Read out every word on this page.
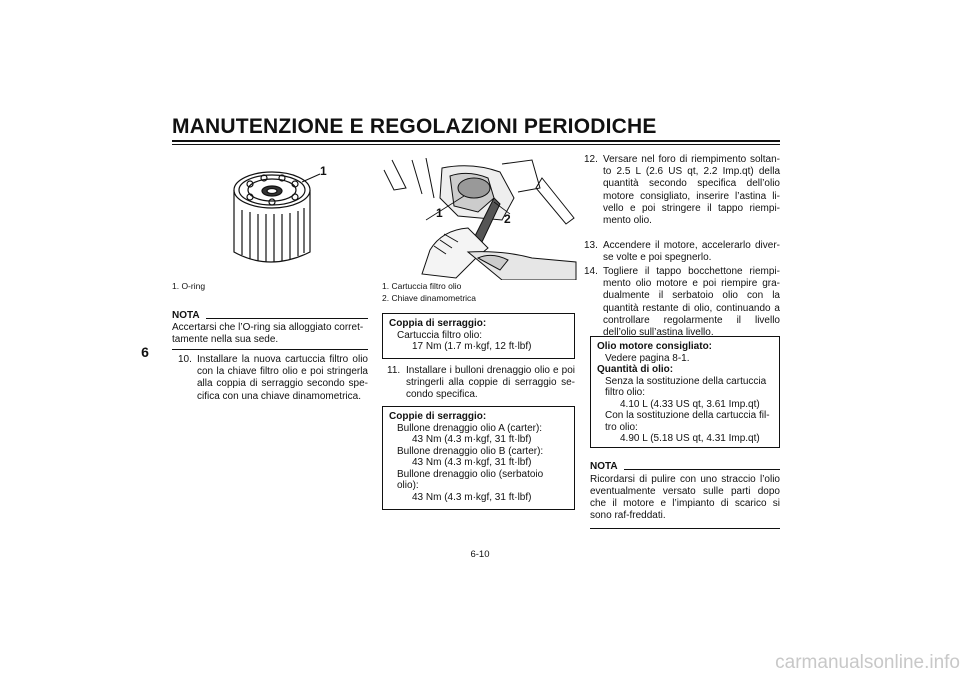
MANUTENZIONE E REGOLAZIONI PERIODICHE
6
1
1. O-ring
NOTA
Accertarsi che l’O-ring sia alloggiato corret-
tamente nella sua sede.
10. Installare la nuova cartuccia filtro olio con la chiave filtro olio e poi stringerla alla coppia di serraggio secondo spe-cifica con una chiave dinamometrica.
1	2
1. Cartuccia filtro olio
2. Chiave dinamometrica
Coppia di serraggio:
Cartuccia filtro olio:
17 Nm (1.7 m·kgf, 12 ft·lbf)
11. Installare i bulloni drenaggio olio e poi stringerli alla coppie di serraggio se-condo specifica.
Coppie di serraggio:
Bullone drenaggio olio A (carter):
43 Nm (4.3 m·kgf, 31 ft·lbf)
Bullone drenaggio olio B (carter):
43 Nm (4.3 m·kgf, 31 ft·lbf)
Bullone drenaggio olio (serbatoio
olio):
43 Nm (4.3 m·kgf, 31 ft·lbf)
12. Versare nel foro di riempimento soltan-to 2.5 L (2.6 US qt, 2.2 Imp.qt) della quantità secondo specifica dell’olio motore consigliato, inserire l’astina li-vello e poi stringere il tappo riempi-mento olio.
13. Accendere il motore, accelerarlo diver-se volte e poi spegnerlo.
14. Togliere il tappo bocchettone riempi-mento olio motore e poi riempire gra-dualmente il serbatoio olio con la quantità restante di olio, continuando a controllare regolarmente il livello dell’olio sull’astina livello.
Olio motore consigliato:
Vedere pagina 8-1.
Quantità di olio:
Senza la sostituzione della cartuccia
filtro olio:
4.10 L (4.33 US qt, 3.61 Imp.qt)
Con la sostituzione della cartuccia fil-
tro olio:
4.90 L (5.18 US qt, 4.31 Imp.qt)
NOTA
Ricordarsi di pulire con uno straccio l’olio eventualmente versato sulle parti dopo che il motore e l’impianto di scarico si sono raf-freddati.
6-10
carmanualsonline.info
